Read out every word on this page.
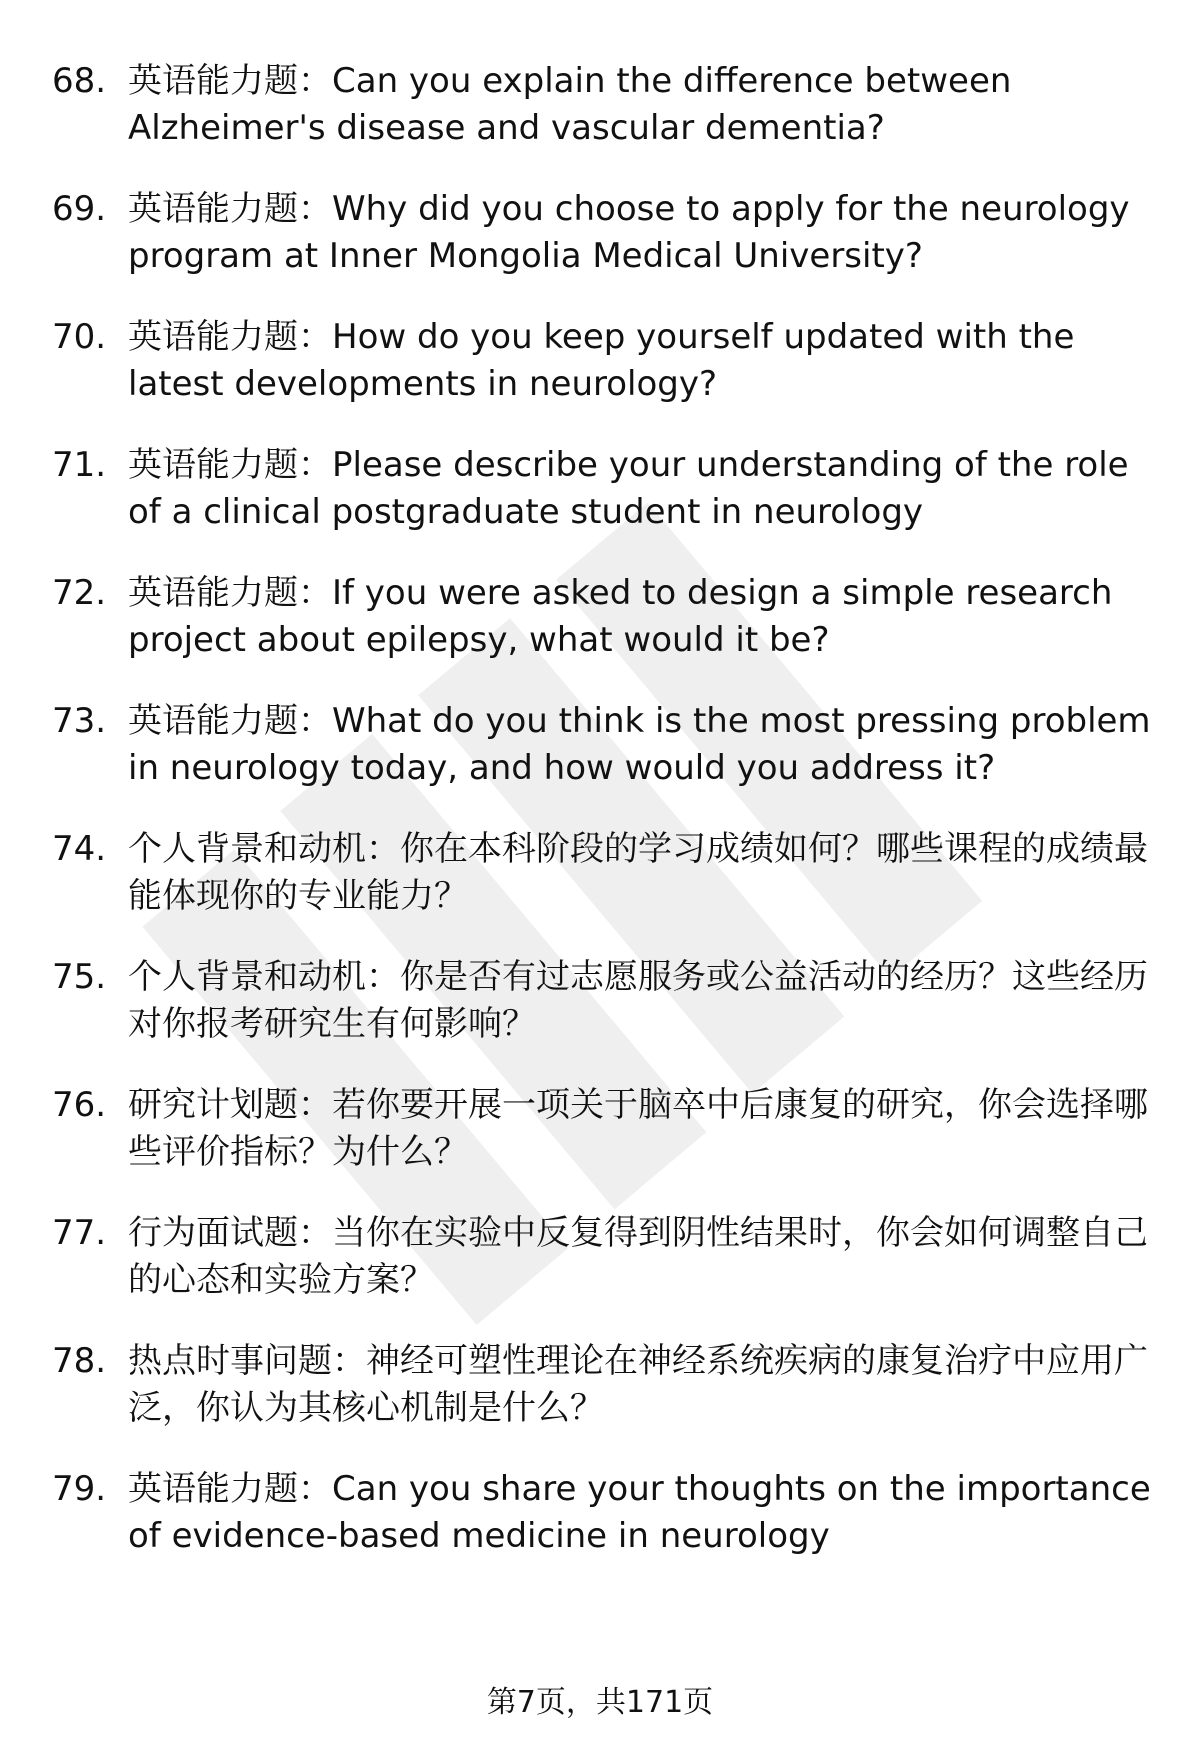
68. 英语能力题：Can you explain the difference between Alzheimer's disease and vascular dementia?
69. 英语能力题：Why did you choose to apply for the neurology program at Inner Mongolia Medical University?
70. 英语能力题：How do you keep yourself updated with the latest developments in neurology?
71. 英语能力题：Please describe your understanding of the role of a clinical postgraduate student in neurology
72. 英语能力题：If you were asked to design a simple research project about epilepsy, what would it be?
73. 英语能力题：What do you think is the most pressing problem in neurology today, and how would you address it?
74. 个人背景和动机：你在本科阶段的学习成绩如何？哪些课程的成绩最能体现你的专业能力？
75. 个人背景和动机：你是否有过志愿服务或公益活动的经历？这些经历对你报考研究生有何影响？
76. 研究计划题：若你要开展一项关于脑卒中后康复的研究，你会选择哪些评价指标？为什么？
77. 行为面试题：当你在实验中反复得到阴性结果时，你会如何调整自己的心态和实验方案？
78. 热点时事问题：神经可塑性理论在神经系统疾病的康复治疗中应用广泛，你认为其核心机制是什么？
79. 英语能力题：Can you share your thoughts on the importance of evidence-based medicine in neurology
第7页，共171页
